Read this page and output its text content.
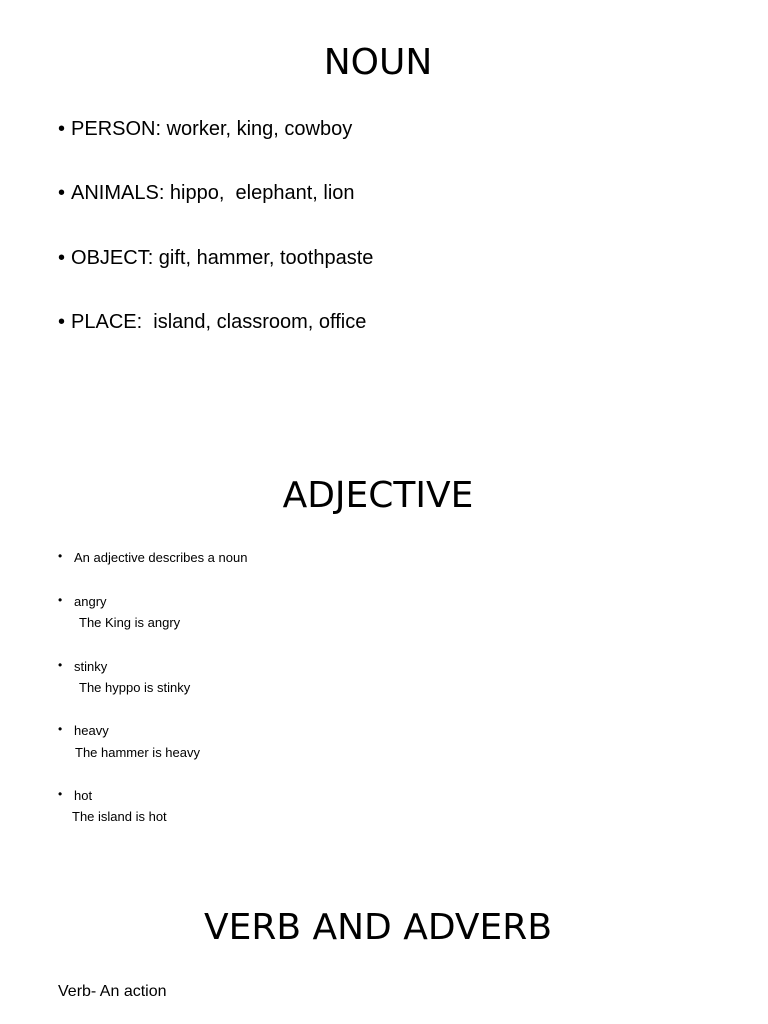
NOUN
• PERSON: worker, king, cowboy
• ANIMALS: hippo,  elephant, lion
• OBJECT: gift, hammer, toothpaste
• PLACE:  island, classroom, office
ADJECTIVE
• An adjective describes a noun
• angry
The King is angry
• stinky
The hyppo is stinky
• heavy
The hammer is heavy
• hot
The island is hot
VERB AND ADVERB
Verb- An action
